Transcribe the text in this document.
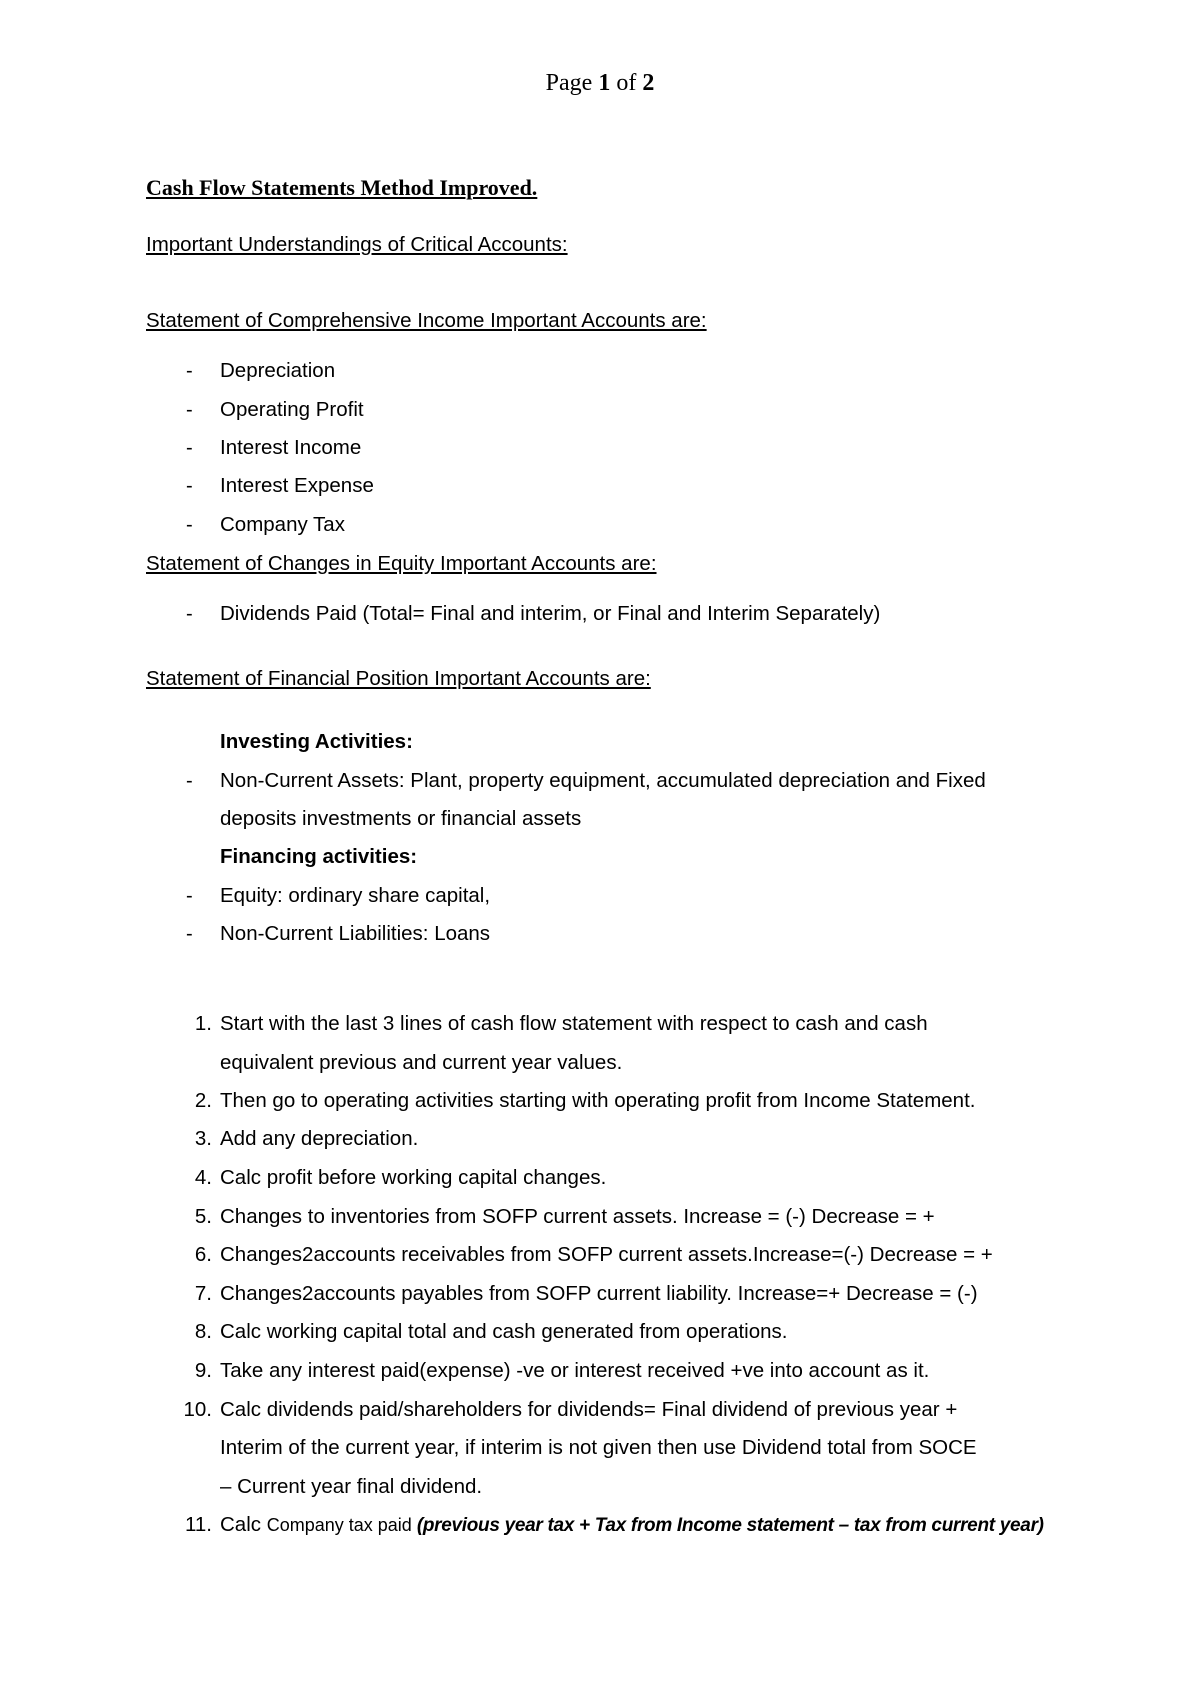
Page 1 of 2
Cash Flow Statements Method Improved.
Important Understandings of Critical Accounts:
Statement of Comprehensive Income Important Accounts are:
- Depreciation
- Operating Profit
- Interest Income
- Interest Expense
- Company Tax
Statement of Changes in Equity Important Accounts are:
- Dividends Paid (Total= Final and interim, or Final and Interim Separately)
Statement of Financial Position Important Accounts are:
Investing Activities:
- Non-Current Assets: Plant, property equipment, accumulated depreciation and Fixed
deposits investments or financial assets
Financing activities:
- Equity: ordinary share capital,
- Non-Current Liabilities: Loans
1. Start with the last 3 lines of cash flow statement with respect to cash and cash
equivalent previous and current year values.
2. Then go to operating activities starting with operating profit from Income Statement.
3. Add any depreciation.
4. Calc profit before working capital changes.
5. Changes to inventories from SOFP current assets. Increase = (-) Decrease = +
6. Changes2accounts receivables from SOFP current assets.Increase=(-) Decrease = +
7. Changes2accounts payables from SOFP current liability. Increase=+ Decrease = (-)
8. Calc working capital total and cash generated from operations.
9. Take any interest paid(expense) -ve or interest received +ve into account as it.
10. Calc dividends paid/shareholders for dividends= Final dividend of previous year +
Interim of the current year, if interim is not given then use Dividend total from SOCE
– Current year final dividend.
11. Calc Company tax paid (previous year tax + Tax from Income statement – tax from current year)
